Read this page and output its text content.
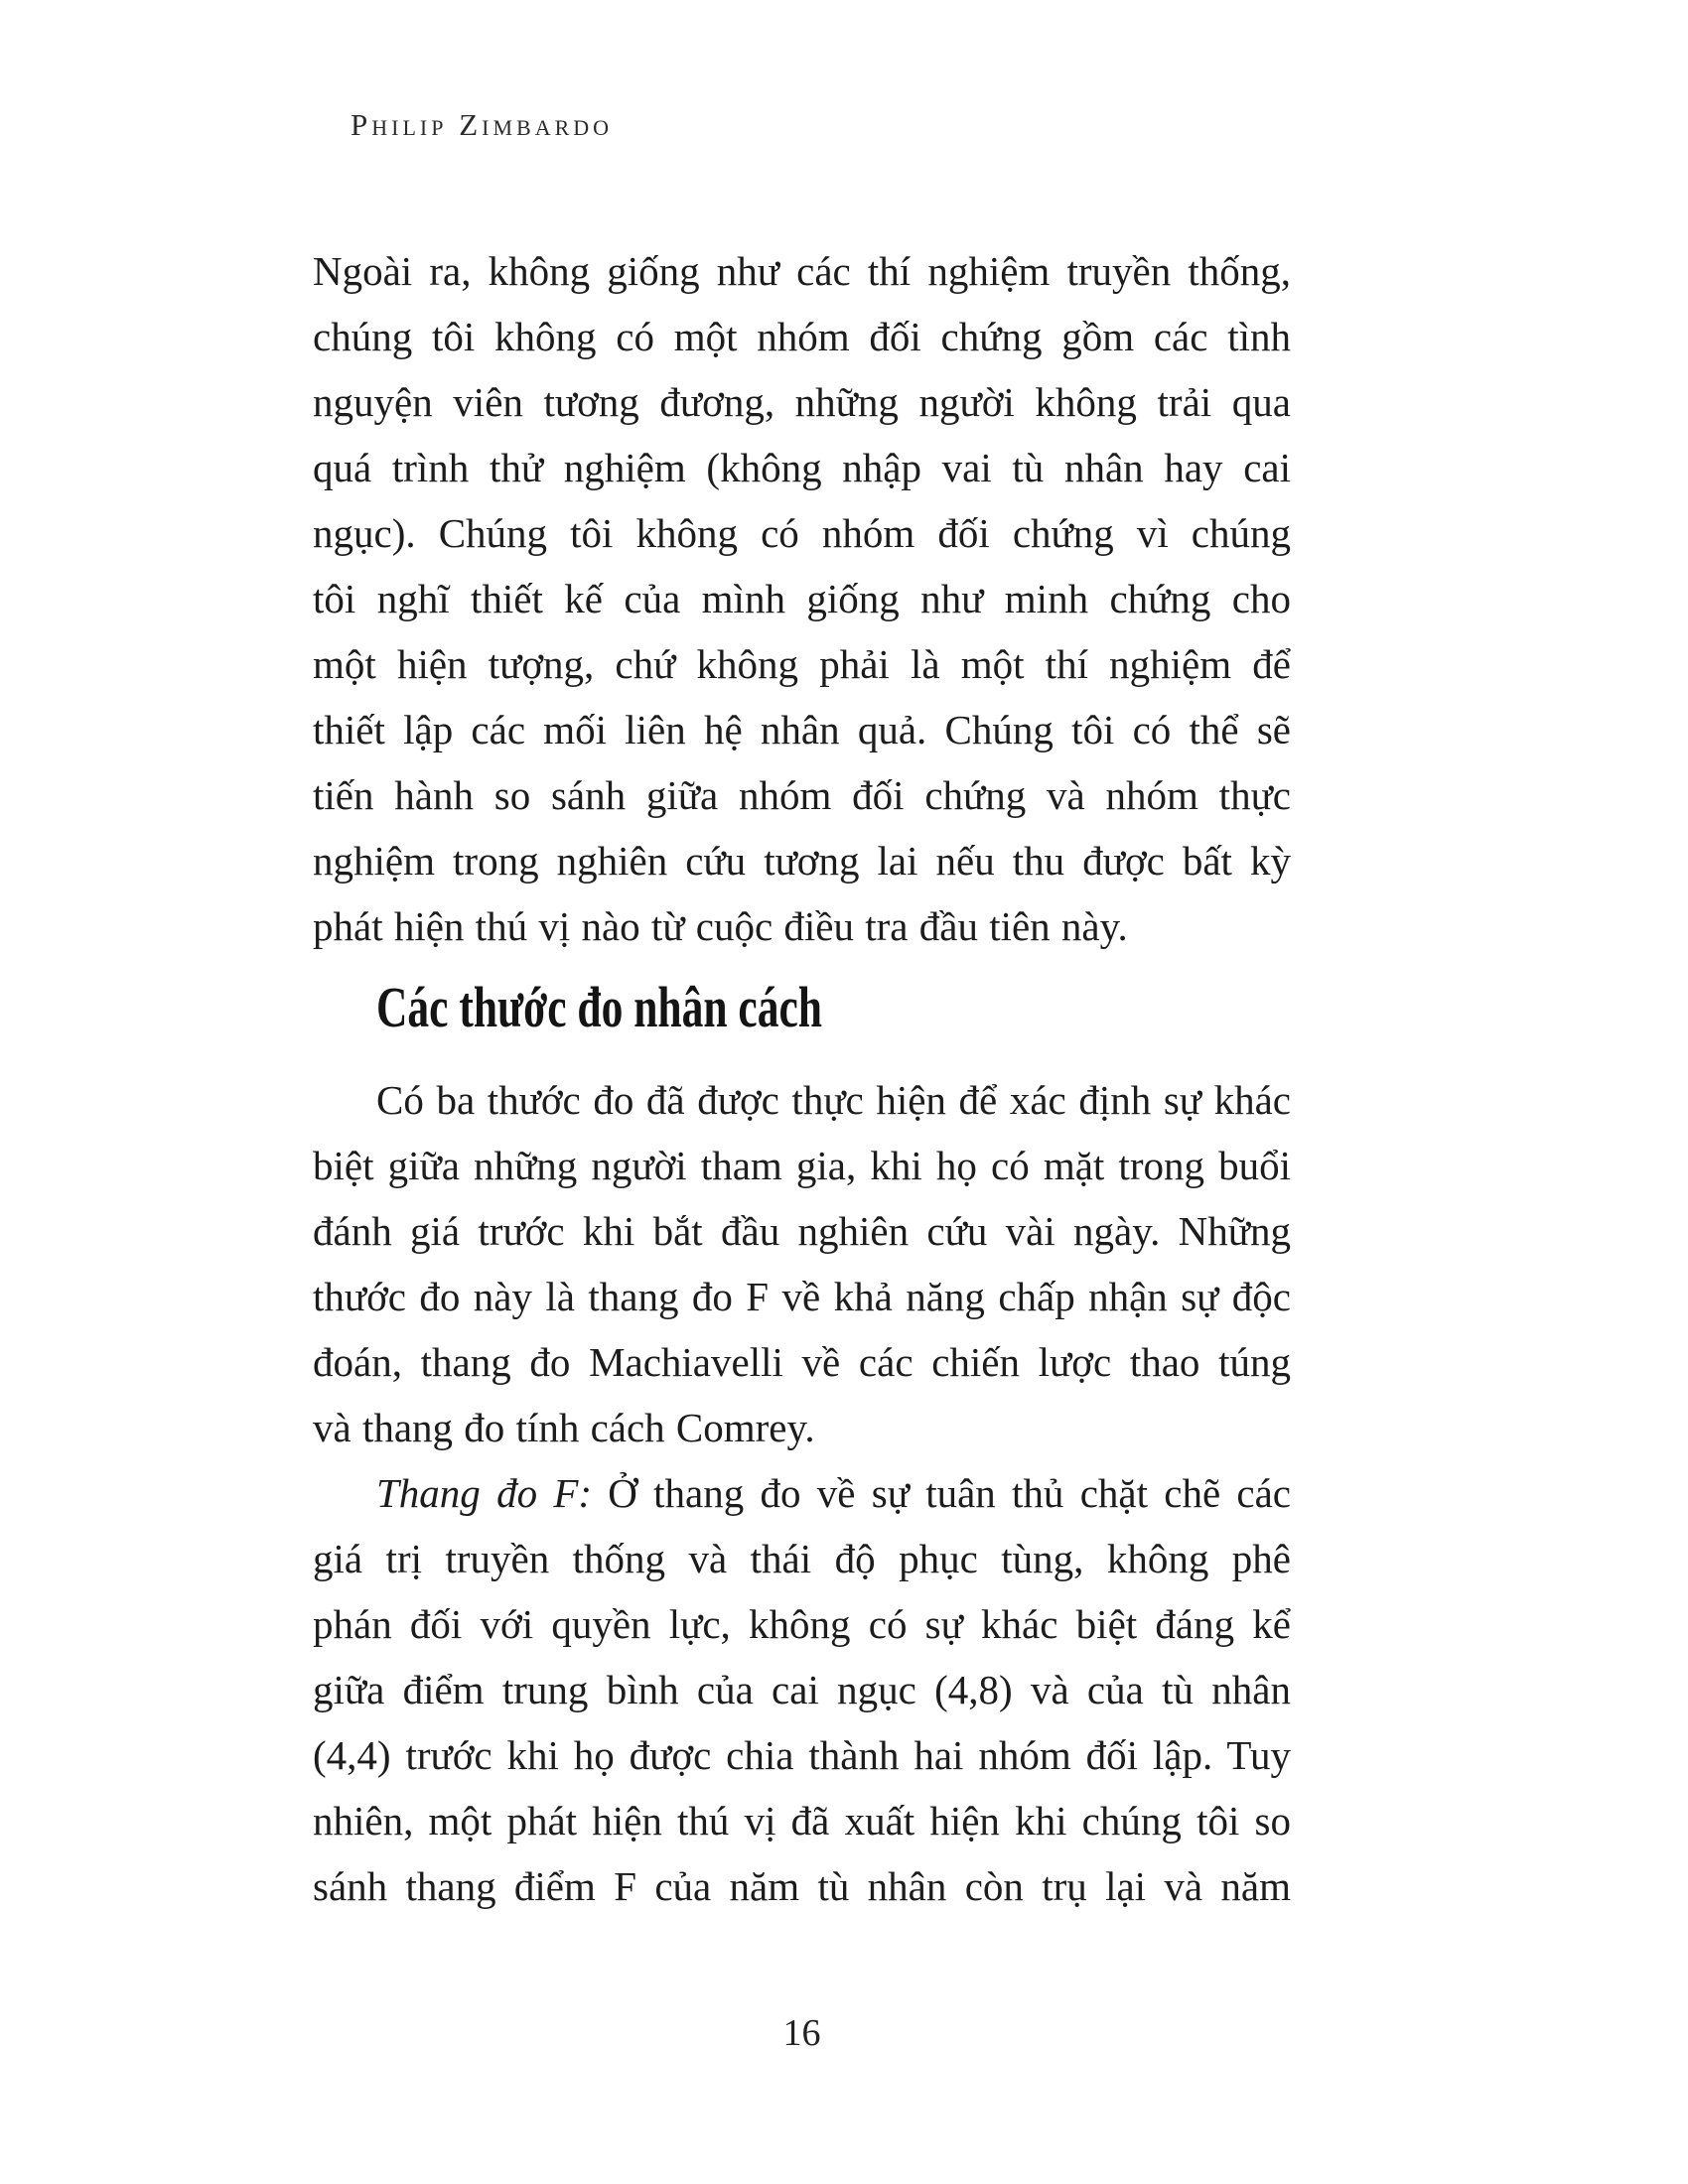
Philip Zimbardo
Ngoài ra, không giống như các thí nghiệm truyền thống,
chúng tôi không có một nhóm đối chứng gồm các tình
nguyện viên tương đương, những người không trải qua
quá trình thử nghiệm (không nhập vai tù nhân hay cai
ngục). Chúng tôi không có nhóm đối chứng vì chúng
tôi nghĩ thiết kế của mình giống như minh chứng cho
một hiện tượng, chứ không phải là một thí nghiệm để
thiết lập các mối liên hệ nhân quả. Chúng tôi có thể sẽ
tiến hành so sánh giữa nhóm đối chứng và nhóm thực
nghiệm trong nghiên cứu tương lai nếu thu được bất kỳ
phát hiện thú vị nào từ cuộc điều tra đầu tiên này.
Các thước đo nhân cách
Có ba thước đo đã được thực hiện để xác định sự khác
biệt giữa những người tham gia, khi họ có mặt trong buổi
đánh giá trước khi bắt đầu nghiên cứu vài ngày. Những
thước đo này là thang đo F về khả năng chấp nhận sự độc
đoán, thang đo Machiavelli về các chiến lược thao túng
và thang đo tính cách Comrey.
Thang đo F: Ở thang đo về sự tuân thủ chặt chẽ các
giá trị truyền thống và thái độ phục tùng, không phê
phán đối với quyền lực, không có sự khác biệt đáng kể
giữa điểm trung bình của cai ngục (4,8) và của tù nhân
(4,4) trước khi họ được chia thành hai nhóm đối lập. Tuy
nhiên, một phát hiện thú vị đã xuất hiện khi chúng tôi so
sánh thang điểm F của năm tù nhân còn trụ lại và năm
16
